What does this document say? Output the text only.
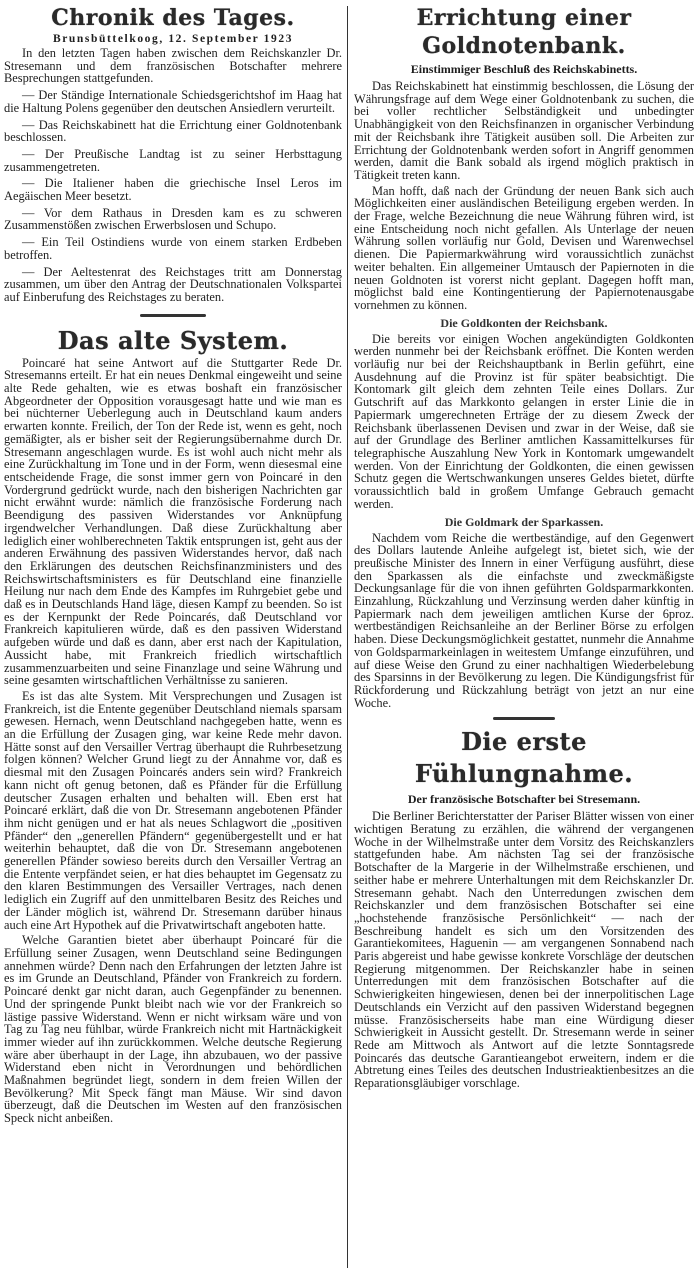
Chronik des Tages.
Brunsbüttelkoog, 12. September 1923

In den letzten Tagen haben zwischen dem Reichskanzler Dr. Stresemann und dem französischen Botschafter mehrere Besprechungen stattgefunden.

— Der Ständige Internationale Schiedsgerichtshof im Haag hat die Haltung Polens gegenüber den deutschen Ansiedlern verurteilt.

— Das Reichskabinett hat die Errichtung einer Goldnotenbank beschlossen.

— Der Preußische Landtag ist zu seiner Herbsttagung zusammengetreten.

— Die Italiener haben die griechische Insel Leros im Aegäischen Meer besetzt.

— Vor dem Rathaus in Dresden kam es zu schweren Zusammenstößen zwischen Erwerbslosen und Schupo.

— Ein Teil Ostindiens wurde von einem starken Erdbeben betroffen.

— Der Aeltestenrat des Reichstages tritt am Donnerstag zusammen, um über den Antrag der Deutschnationalen Volkspartei auf Einberufung des Reichstages zu beraten.

Das alte System.

Poincaré hat seine Antwort auf die Stuttgarter Rede Dr. Stresemanns erteilt. Er hat ein neues Denkmal eingeweiht und seine alte Rede gehalten, wie es etwas boshaft ein französischer Abgeordneter der Opposition vorausgesagt hatte und wie man es bei nüchterner Ueberlegung auch in Deutschland kaum anders erwarten konnte. Freilich, der Ton der Rede ist, wenn es geht, noch gemäßigter, als er bisher seit der Regierungsübernahme durch Dr. Stresemann angeschlagen wurde. Es ist wohl auch nicht mehr als eine Zurückhaltung im Tone und in der Form, wenn diesesmal eine entscheidende Frage, die sonst immer gern von Poincaré in den Vordergrund gedrückt wurde, nach den bisherigen Nachrichten gar nicht erwähnt wurde: nämlich die französische Forderung nach Beendigung des passiven Widerstandes vor Anknüpfung irgendwelcher Verhandlungen. Daß diese Zurückhaltung aber lediglich einer wohlberechneten Taktik entsprungen ist, geht aus der anderen Erwähnung des passiven Widerstandes hervor, daß nach den Erklärungen des deutschen Reichsfinanzministers und des Reichswirtschaftsministers es für Deutschland eine finanzielle Heilung nur nach dem Ende des Kampfes im Ruhrgebiet gebe und daß es in Deutschlands Hand läge, diesen Kampf zu beenden. So ist es der Kernpunkt der Rede Poincarés, daß Deutschland vor Frankreich kapitulieren würde, daß es den passiven Widerstand aufgeben würde und daß es dann, aber erst nach der Kapitulation, Aussicht habe, mit Frankreich friedlich wirtschaftlich zusammenzuarbeiten und seine Finanzlage und seine Währung und seine gesamten wirtschaftlichen Verhältnisse zu sanieren.

Es ist das alte System. Mit Versprechungen und Zusagen ist Frankreich, ist die Entente gegenüber Deutschland niemals sparsam gewesen. Hernach, wenn Deutschland nachgegeben hatte, wenn es an die Erfüllung der Zusagen ging, war keine Rede mehr davon. Hätte sonst auf den Versailler Vertrag überhaupt die Ruhrbesetzung folgen können? Welcher Grund liegt zu der Annahme vor, daß es diesmal mit den Zusagen Poincarés anders sein wird? Frankreich kann nicht oft genug betonen, daß es Pfänder für die Erfüllung deutscher Zusagen erhalten und behalten will. Eben erst hat Poincaré erklärt, daß die von Dr. Stresemann angebotenen Pfänder ihm nicht genügen und er hat als neues Schlagwort die „positiven Pfänder“ den „generellen Pfändern“ gegenübergestellt und er hat weiterhin behauptet, daß die von Dr. Stresemann angebotenen generellen Pfänder sowieso bereits durch den Versailler Vertrag an die Entente verpfändet seien, er hat dies behauptet im Gegensatz zu den klaren Bestimmungen des Versailler Vertrages, nach denen lediglich ein Zugriff auf den unmittelbaren Besitz des Reiches und der Länder möglich ist, während Dr. Stresemann darüber hinaus auch eine Art Hypothek auf die Privatwirtschaft angeboten hatte.

Welche Garantien bietet aber überhaupt Poincaré für die Erfüllung seiner Zusagen, wenn Deutschland seine Bedingungen annehmen würde? Denn nach den Erfahrungen der letzten Jahre ist es im Grunde an Deutschland, Pfänder von Frankreich zu fordern. Poincaré denkt gar nicht daran, auch Gegenpfänder zu benennen. Und der springende Punkt bleibt nach wie vor der Frankreich so lästige passive Widerstand. Wenn er nicht wirksam wäre und von Tag zu Tag neu fühlbar, würde Frankreich nicht mit Hartnäckigkeit immer wieder auf ihn zurückkommen. Welche deutsche Regierung wäre aber überhaupt in der Lage, ihn abzubauen, wo der passive Widerstand eben nicht in Verordnungen und behördlichen Maßnahmen begründet liegt, sondern in dem freien Willen der Bevölkerung? Mit Speck fängt man Mäuse. Wir sind davon überzeugt, daß die Deutschen im Westen auf den französischen Speck nicht anbeißen.

Errichtung einer Goldnotenbank.
Einstimmiger Beschluß des Reichskabinetts.

Das Reichskabinett hat einstimmig beschlossen, die Lösung der Währungsfrage auf dem Wege einer Goldnotenbank zu suchen, die bei voller rechtlicher Selbständigkeit und unbedingter Unabhängigkeit von den Reichsfinanzen in organischer Verbindung mit der Reichsbank ihre Tätigkeit ausüben soll. Die Arbeiten zur Errichtung der Goldnotenbank werden sofort in Angriff genommen werden, damit die Bank sobald als irgend möglich praktisch in Tätigkeit treten kann.

Man hofft, daß nach der Gründung der neuen Bank sich auch Möglichkeiten einer ausländischen Beteiligung ergeben werden. In der Frage, welche Bezeichnung die neue Währung führen wird, ist eine Entscheidung noch nicht gefallen. Als Unterlage der neuen Währung sollen vorläufig nur Gold, Devisen und Warenwechsel dienen. Die Papiermarkwährung wird voraussichtlich zunächst weiter behalten. Ein allgemeiner Umtausch der Papiernoten in die neuen Goldnoten ist vorerst nicht geplant. Dagegen hofft man, möglichst bald eine Kontingentierung der Papiernotenausgabe vornehmen zu können.

Die Goldkonten der Reichsbank.

Die bereits vor einigen Wochen angekündigten Goldkonten werden nunmehr bei der Reichsbank eröffnet. Die Konten werden vorläufig nur bei der Reichshauptbank in Berlin geführt, eine Ausdehnung auf die Provinz ist für später beabsichtigt. Die Kontomark gilt gleich dem zehnten Teile eines Dollars. Zur Gutschrift auf das Markkonto gelangen in erster Linie die in Papiermark umgerechneten Erträge der zu diesem Zweck der Reichsbank überlassenen Devisen und zwar in der Weise, daß sie auf der Grundlage des Berliner amtlichen Kassamittelkurses für telegraphische Auszahlung New York in Kontomark umgewandelt werden. Von der Einrichtung der Goldkonten, die einen gewissen Schutz gegen die Wertschwankungen unseres Geldes bietet, dürfte voraussichtlich bald in großem Umfange Gebrauch gemacht werden.

Die Goldmark der Sparkassen.

Nachdem vom Reiche die wertbeständige, auf den Gegenwert des Dollars lautende Anleihe aufgelegt ist, bietet sich, wie der preußische Minister des Innern in einer Verfügung ausführt, diese den Sparkassen als die einfachste und zweckmäßigste Deckungsanlage für die von ihnen geführten Goldsparmarkkonten. Einzahlung, Rückzahlung und Verzinsung werden daher künftig in Papiermark nach dem jeweiligen amtlichen Kurse der 6proz. wertbeständigen Reichsanleihe an der Berliner Börse zu erfolgen haben. Diese Deckungsmöglichkeit gestattet, nunmehr die Annahme von Goldsparmarkeinlagen in weitestem Umfange einzuführen, und auf diese Weise den Grund zu einer nachhaltigen Wiederbelebung des Sparsinns in der Bevölkerung zu legen. Die Kündigungsfrist für Rückforderung und Rückzahlung beträgt von jetzt an nur eine Woche.

Die erste Fühlungnahme.
Der französische Botschafter bei Stresemann.

Die Berliner Berichterstatter der Pariser Blätter wissen von einer wichtigen Beratung zu erzählen, die während der vergangenen Woche in der Wilhelmstraße unter dem Vorsitz des Reichskanzlers stattgefunden habe. Am nächsten Tag sei der französische Botschafter de la Margerie in der Wilhelmstraße erschienen, und seither habe er mehrere Unterhaltungen mit dem Reichskanzler Dr. Stresemann gehabt. Nach den Unterredungen zwischen dem Reichskanzler und dem französischen Botschafter sei eine „hochstehende französische Persönlichkeit“ — nach der Beschreibung handelt es sich um den Vorsitzenden des Garantiekomitees, Haguenin — am vergangenen Sonnabend nach Paris abgereist und habe gewisse konkrete Vorschläge der deutschen Regierung mitgenommen. Der Reichskanzler habe in seinen Unterredungen mit dem französischen Botschafter auf die Schwierigkeiten hingewiesen, denen bei der innerpolitischen Lage Deutschlands ein Verzicht auf den passiven Widerstand begegnen müsse. Französischerseits habe man eine Würdigung dieser Schwierigkeit in Aussicht gestellt. Dr. Stresemann werde in seiner Rede am Mittwoch als Antwort auf die letzte Sonntagsrede Poincarés das deutsche Garantieangebot erweitern, indem er die Abtretung eines Teiles des deutschen Industrieaktienbesitzes an die Reparationsgläubiger vorschlage.
